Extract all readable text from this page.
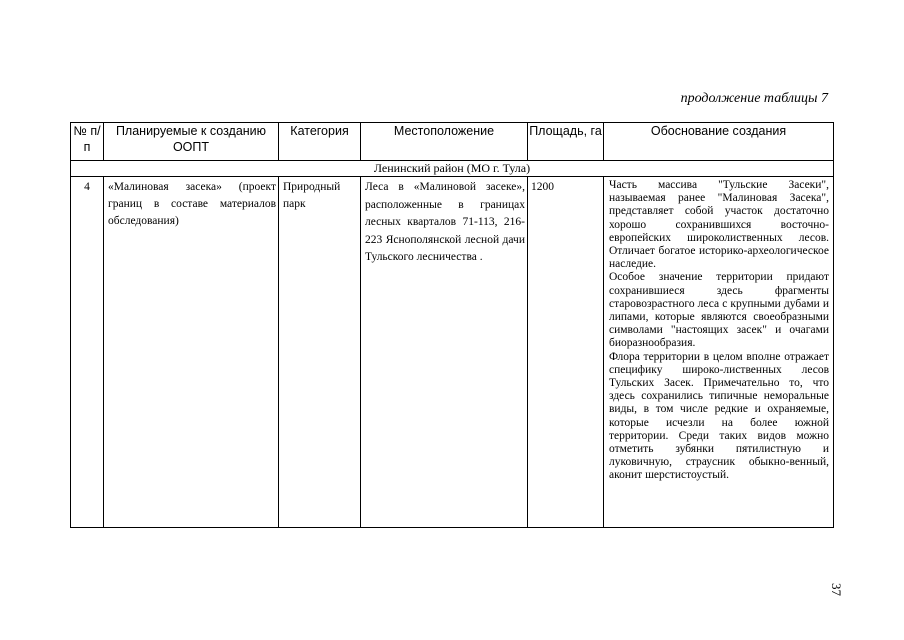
продолжение таблицы 7
№ п/п	Планируемые к созданию ООПТ	Категория	Местоположение	Площадь, га	Обоснование создания
Ленинский район (МО г. Тула)					
4	«Малиновая засека» (проект границ в составе материалов обследования)	Природный парк	Леса в «Малиновой засеке», расположенные в границах лесных кварталов 71-113, 216-223 Яснополянской лесной дачи Тульского лесничества .	1200	Часть массива "Тульские Засеки", называемая ранее "Малиновая Засека", представляет собой участок достаточно хорошо сохранившихся восточно-европейских широколиственных лесов. Отличает богатое историко-археологическое наследие.

Особое значение территории придают сохранившиеся здесь фрагменты старовозрастного леса с крупными дубами и липами, которые являются своеобразными символами "настоящих засек" и очагами биоразнообразия.

Флора территории в целом вполне отражает специфику широко-лиственных лесов Тульских Засек. Примечательно то, что здесь сохранились типичные неморальные виды, в том числе редкие и охраняемые, которые исчезли на более южной территории. Среди таких видов можно отметить зубянки пятилистную и луковичную, страусник обыкно-венный, аконит шерстистоустый.

37
